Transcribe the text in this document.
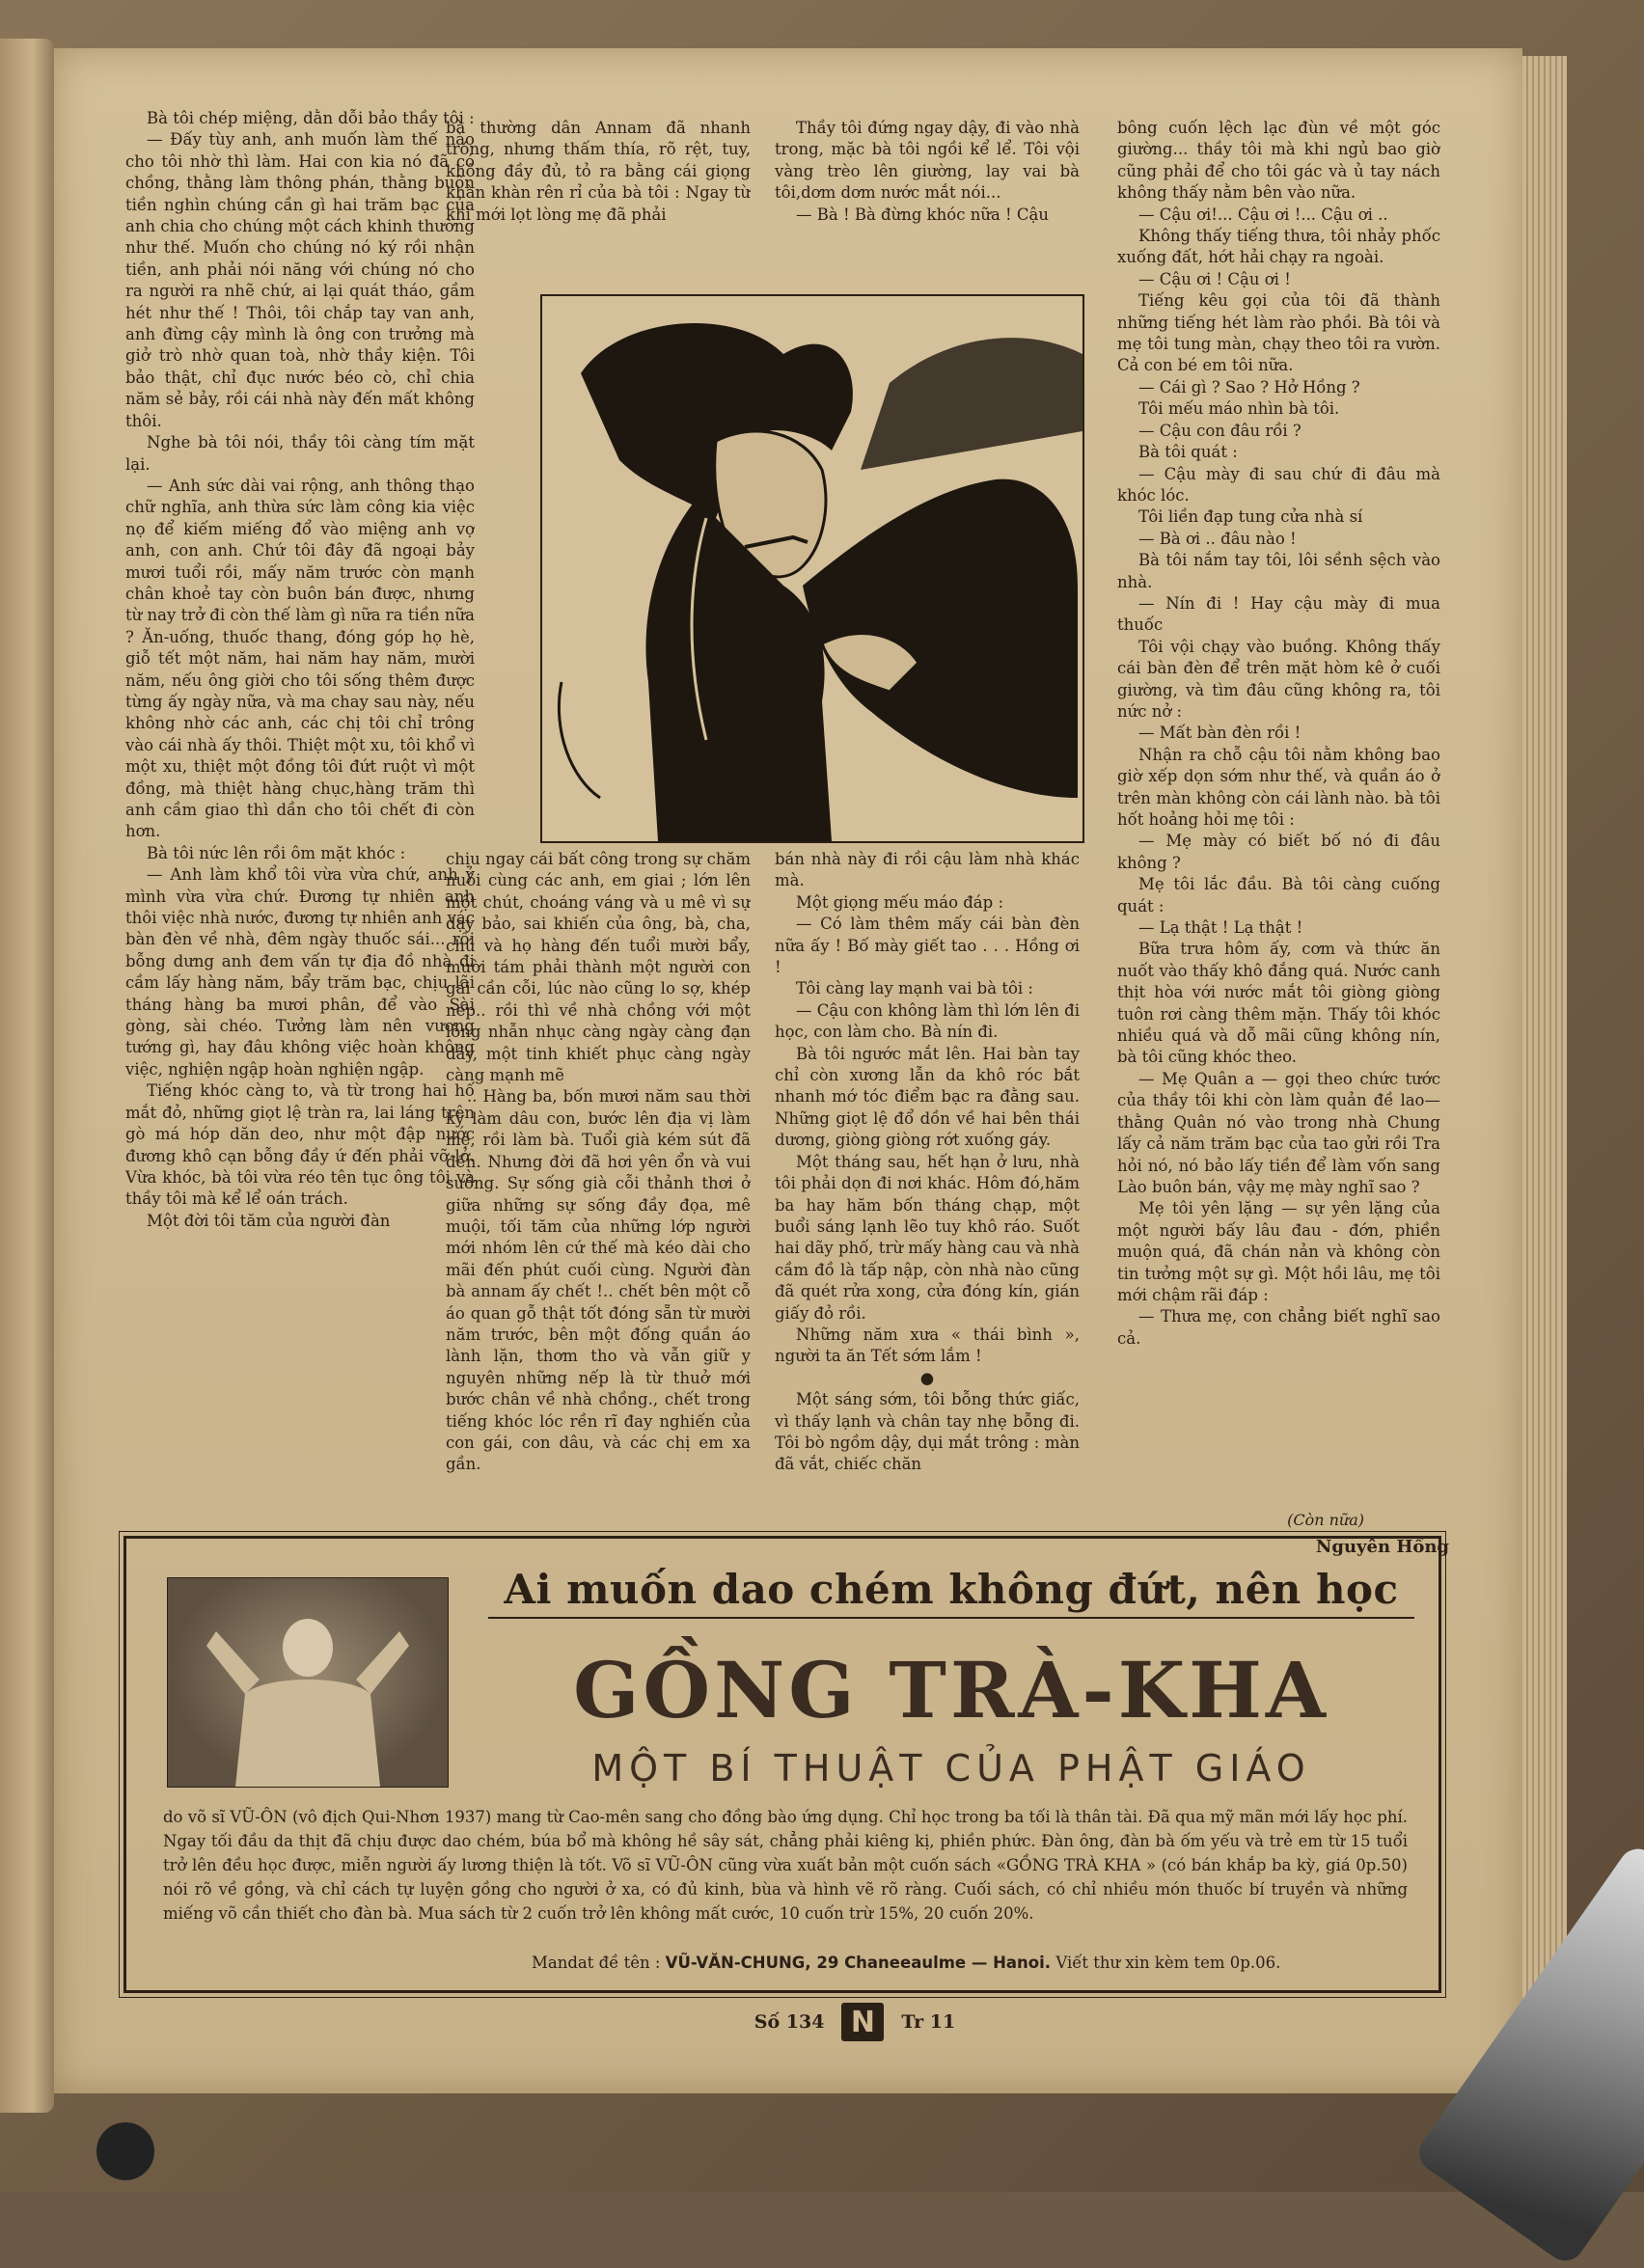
Bà tôi chép miệng, dằn dỗi bảo thầy tôi :

— Đấy tùy anh, anh muốn làm thế nào cho tôi nhờ thì làm. Hai con kia nó đã có chồng, thằng làm thông phán, thằng buôn tiền nghìn chúng cần gì hai trăm bạc của anh chia cho chúng một cách khinh thường như thế. Muốn cho chúng nó ký rồi nhận tiền, anh phải nói năng với chúng nó cho ra người ra nhẽ chứ, ai lại quát tháo, gầm hét như thế ! Thôi, tôi chắp tay van anh, anh đừng cậy mình là ông con trưởng mà giở trò nhờ quan toà, nhờ thầy kiện. Tôi bảo thật, chỉ đục nước béo cò, chỉ chia năm sẻ bảy, rồi cái nhà này đến mất không thôi.

Nghe bà tôi nói, thầy tôi càng tím mặt lại.

— Anh sức dài vai rộng, anh thông thạo chữ nghĩa, anh thừa sức làm công kia việc nọ để kiếm miếng đổ vào miệng anh vợ anh, con anh. Chứ tôi đây đã ngoại bảy mươi tuổi rồi, mấy năm trước còn mạnh chân khoẻ tay còn buôn bán được, nhưng từ nay trở đi còn thế làm gì nữa ra tiền nữa ? Ăn-uống, thuốc thang, đóng góp họ hè, giỗ tết một năm, hai năm hay năm, mười năm, nếu ông giời cho tôi sống thêm được từng ấy ngày nữa, và ma chay sau này, nếu không nhờ các anh, các chị tôi chỉ trông vào cái nhà ấy thôi. Thiệt một xu, tôi khổ vì một xu, thiệt một đồng tôi đứt ruột vì một đồng, mà thiệt hàng chục,hàng trăm thì anh cầm giao thì dần cho tôi chết đi còn hơn.

Bà tôi nức lên rồi ôm mặt khóc :

— Anh làm khổ tôi vừa vừa chứ, anh ỷ mình vừa vừa chứ. Đương tự nhiên anh thôi việc nhà nước, đương tự nhiên anh vác bàn đèn về nhà, đêm ngày thuốc sái... rồi bỗng dưng anh đem vấn tự địa đồ nhà đi cầm lấy hàng năm, bẩy trăm bạc, chịu lãi tháng hàng ba mươi phân, để vào Sài gòng, sài chéo. Tưởng làm nên vương tướng gì, hay đâu không việc hoàn không việc, nghiện ngập hoàn nghiện ngập.

Tiếng khóc càng to, và từ trong hai hố mắt đỏ, những giọt lệ tràn ra, lai láng trên gò má hóp dăn deo, như một đập nước đương khô cạn bỗng đầy ứ đến phải vỡ lở. Vừa khóc, bà tôi vừa réo tên tục ông tôi và thầy tôi mà kể lể oán trách.

Một đời tôi tăm của người đàn

bà thường dân Annam đã nhanh tróng, nhưng thấm thía, rõ rệt, tuy, không đầy đủ, tỏ ra bằng cái giọng khàn khàn rên rỉ của bà tôi : Ngay từ khi mới lọt lòng mẹ đã phải

Thầy tôi đứng ngay dậy, đi vào nhà trong, mặc bà tôi ngồi kể lể. Tôi vội vàng trèo lên giường, lay vai bà tôi,dơm dơm nước mắt nói...

— Bà ! Bà đừng khóc nữa ! Cậu

chịu ngay cái bất công trong sự chăm nuôi cùng các anh, em giai ; lớn lên một chút, choáng váng và u mê vì sự dạy bảo, sai khiến của ông, bà, cha, chú và họ hàng đến tuổi mười bẩy, mười tám phải thành một người con gái cần cỗi, lúc nào cũng lo sợ, khép nép.. rồi thì về nhà chồng với một lòng nhẫn nhục càng ngày càng đạn dầy, một tinh khiết phục càng ngày càng mạnh mẽ

.. Hàng ba, bốn mươi năm sau thời kỳ làm dâu con, bước lên địa vị làm mẹ, rồi làm bà. Tuổi già kém sút đã đến. Nhưng đời đã hơi yên ổn và vui sướng. Sự sống già cỗi thảnh thơi ở giữa những sự sống đầy đọa, mê muội, tối tăm của những lớp người mới nhóm lên cứ thế mà kéo dài cho mãi đến phút cuối cùng. Người đàn bà annam ấy chết !.. chết bên một cỗ áo quan gỗ thật tốt đóng sẵn từ mười năm trước, bên một đống quần áo lành lặn, thơm tho và vẫn giữ y nguyên những nếp là từ thuở mới bước chân về nhà chồng., chết trong tiếng khóc lóc rền rĩ đay nghiến của con gái, con dâu, và các chị em xa gần.

bán nhà này đi rồi cậu làm nhà khác mà.

Một giọng mếu máo đáp :

— Có làm thêm mấy cái bàn đèn nữa ấy ! Bố mày giết tao . . . Hồng ơi !

Tôi càng lay mạnh vai bà tôi :

— Cậu con không làm thì lớn lên đi học, con làm cho. Bà nín đi.

Bà tôi ngước mắt lên. Hai bàn tay chỉ còn xương lẫn da khô róc bắt nhanh mớ tóc điểm bạc ra đằng sau. Những giọt lệ đổ dồn về hai bên thái dương, giòng giòng rớt xuống gáy.

Một tháng sau, hết hạn ở lưu, nhà tôi phải dọn đi nơi khác. Hôm đó,hăm ba hay hăm bốn tháng chạp, một buổi sáng lạnh lẽo tuy khô ráo. Suốt hai dãy phố, trừ mấy hàng cau và nhà cầm đồ là tấp nập, còn nhà nào cũng đã quét rửa xong, cửa đóng kín, gián giấy đỏ rồi.

Những năm xưa « thái bình », người ta ăn Tết sớm lắm !

●

Một sáng sớm, tôi bỗng thức giấc, vì thấy lạnh và chân tay nhẹ bỗng đi. Tôi bò ngồm dậy, dụi mắt trông : màn đã vắt, chiếc chăn

bông cuốn lệch lạc đùn về một góc giường... thầy tôi mà khi ngủ bao giờ cũng phải để cho tôi gác và ủ tay nách không thấy nằm bên vào nữa.

— Cậu ơi!... Cậu ơi !... Cậu ơi ..

Không thấy tiếng thưa, tôi nhảy phốc xuống đất, hớt hải chạy ra ngoài.

— Cậu ơi ! Cậu ơi !

Tiếng kêu gọi của tôi đã thành những tiếng hét làm rào phồi. Bà tôi và mẹ tôi tung màn, chạy theo tôi ra vườn. Cả con bé em tôi nữa.

— Cái gì ? Sao ? Hở Hồng ?

Tôi mếu máo nhìn bà tôi.

— Cậu con đâu rồi ?

Bà tôi quát :

— Cậu mày đi sau chứ đi đâu mà khóc lóc.

Tôi liền đạp tung cửa nhà sí

— Bà ơi .. đâu nào !

Bà tôi nắm tay tôi, lôi sềnh sệch vào nhà.

— Nín đi ! Hay cậu mày đi mua thuốc

Tôi vội chạy vào buồng. Không thấy cái bàn đèn để trên mặt hòm kê ở cuối giường, và tìm đâu cũng không ra, tôi nức nở :

— Mất bàn đèn rồi !

Nhận ra chỗ cậu tôi nằm không bao giờ xếp dọn sớm như thế, và quần áo ở trên màn không còn cái lành nào. bà tôi hốt hoảng hỏi mẹ tôi :

— Mẹ mày có biết bố nó đi đâu không ?

Mẹ tôi lắc đầu. Bà tôi càng cuống quát :

— Lạ thật ! Lạ thật !

Bữa trưa hôm ấy, cơm và thức ăn nuốt vào thấy khô đắng quá. Nước canh thịt hòa với nước mắt tôi giòng giòng tuôn rơi càng thêm mặn. Thấy tôi khóc nhiều quá và dỗ mãi cũng không nín, bà tôi cũng khóc theo.

— Mẹ Quân a — gọi theo chức tước của thầy tôi khi còn làm quản đề lao—thằng Quân nó vào trong nhà Chung lấy cả năm trăm bạc của tao gửi rồi Tra hỏi nó, nó bảo lấy tiền để làm vốn sang Lào buôn bán, vậy mẹ mày nghĩ sao ?

Mẹ tôi yên lặng — sự yên lặng của một người bấy lâu đau - đớn, phiền muộn quá, đã chán nản và không còn tin tưởng một sự gì. Một hồi lâu, mẹ tôi mới chậm rãi đáp :

— Thưa mẹ, con chẳng biết nghĩ sao cả.

(Còn nữa)
Nguyên Hồng
Ai muốn dao chém không đứt, nên học
GỒNG TRÀ-KHA
MỘT BÍ THUẬT CỦA PHẬT GIÁO
do võ sĩ VŨ-ÔN (vô địch Qui-Nhơn 1937) mang từ Cao-mên sang cho đồng bào ứng dụng. Chỉ học trong ba tối là thân tài. Đã qua mỹ mãn mới lấy học phí. Ngay tối đầu da thịt đã chịu được dao chém, búa bổ mà không hề sây sát, chẳng phải kiêng kị, phiền phức. Đàn ông, đàn bà ốm yếu và trẻ em từ 15 tuổi trở lên đều học được, miễn người ấy lương thiện là tốt. Võ sĩ VŨ-ÔN cũng vừa xuất bản một cuốn sách «GỒNG TRÀ KHA » (có bán khắp ba kỳ, giá 0p.50) nói rõ về gồng, và chỉ cách tự luyện gồng cho người ở xa, có đủ kinh, bùa và hình vẽ rõ ràng. Cuối sách, có chỉ nhiều món thuốc bí truyền và những miếng võ cần thiết cho đàn bà. Mua sách từ 2 cuốn trở lên không mất cước, 10 cuốn trừ 15%, 20 cuốn 20%.
Mandat đề tên : VŨ-VĂN-CHUNG, 29 Chaneeaulme — Hanoi. Viết thư xin kèm tem 0p.06.
Số 134 N	Tr 11
